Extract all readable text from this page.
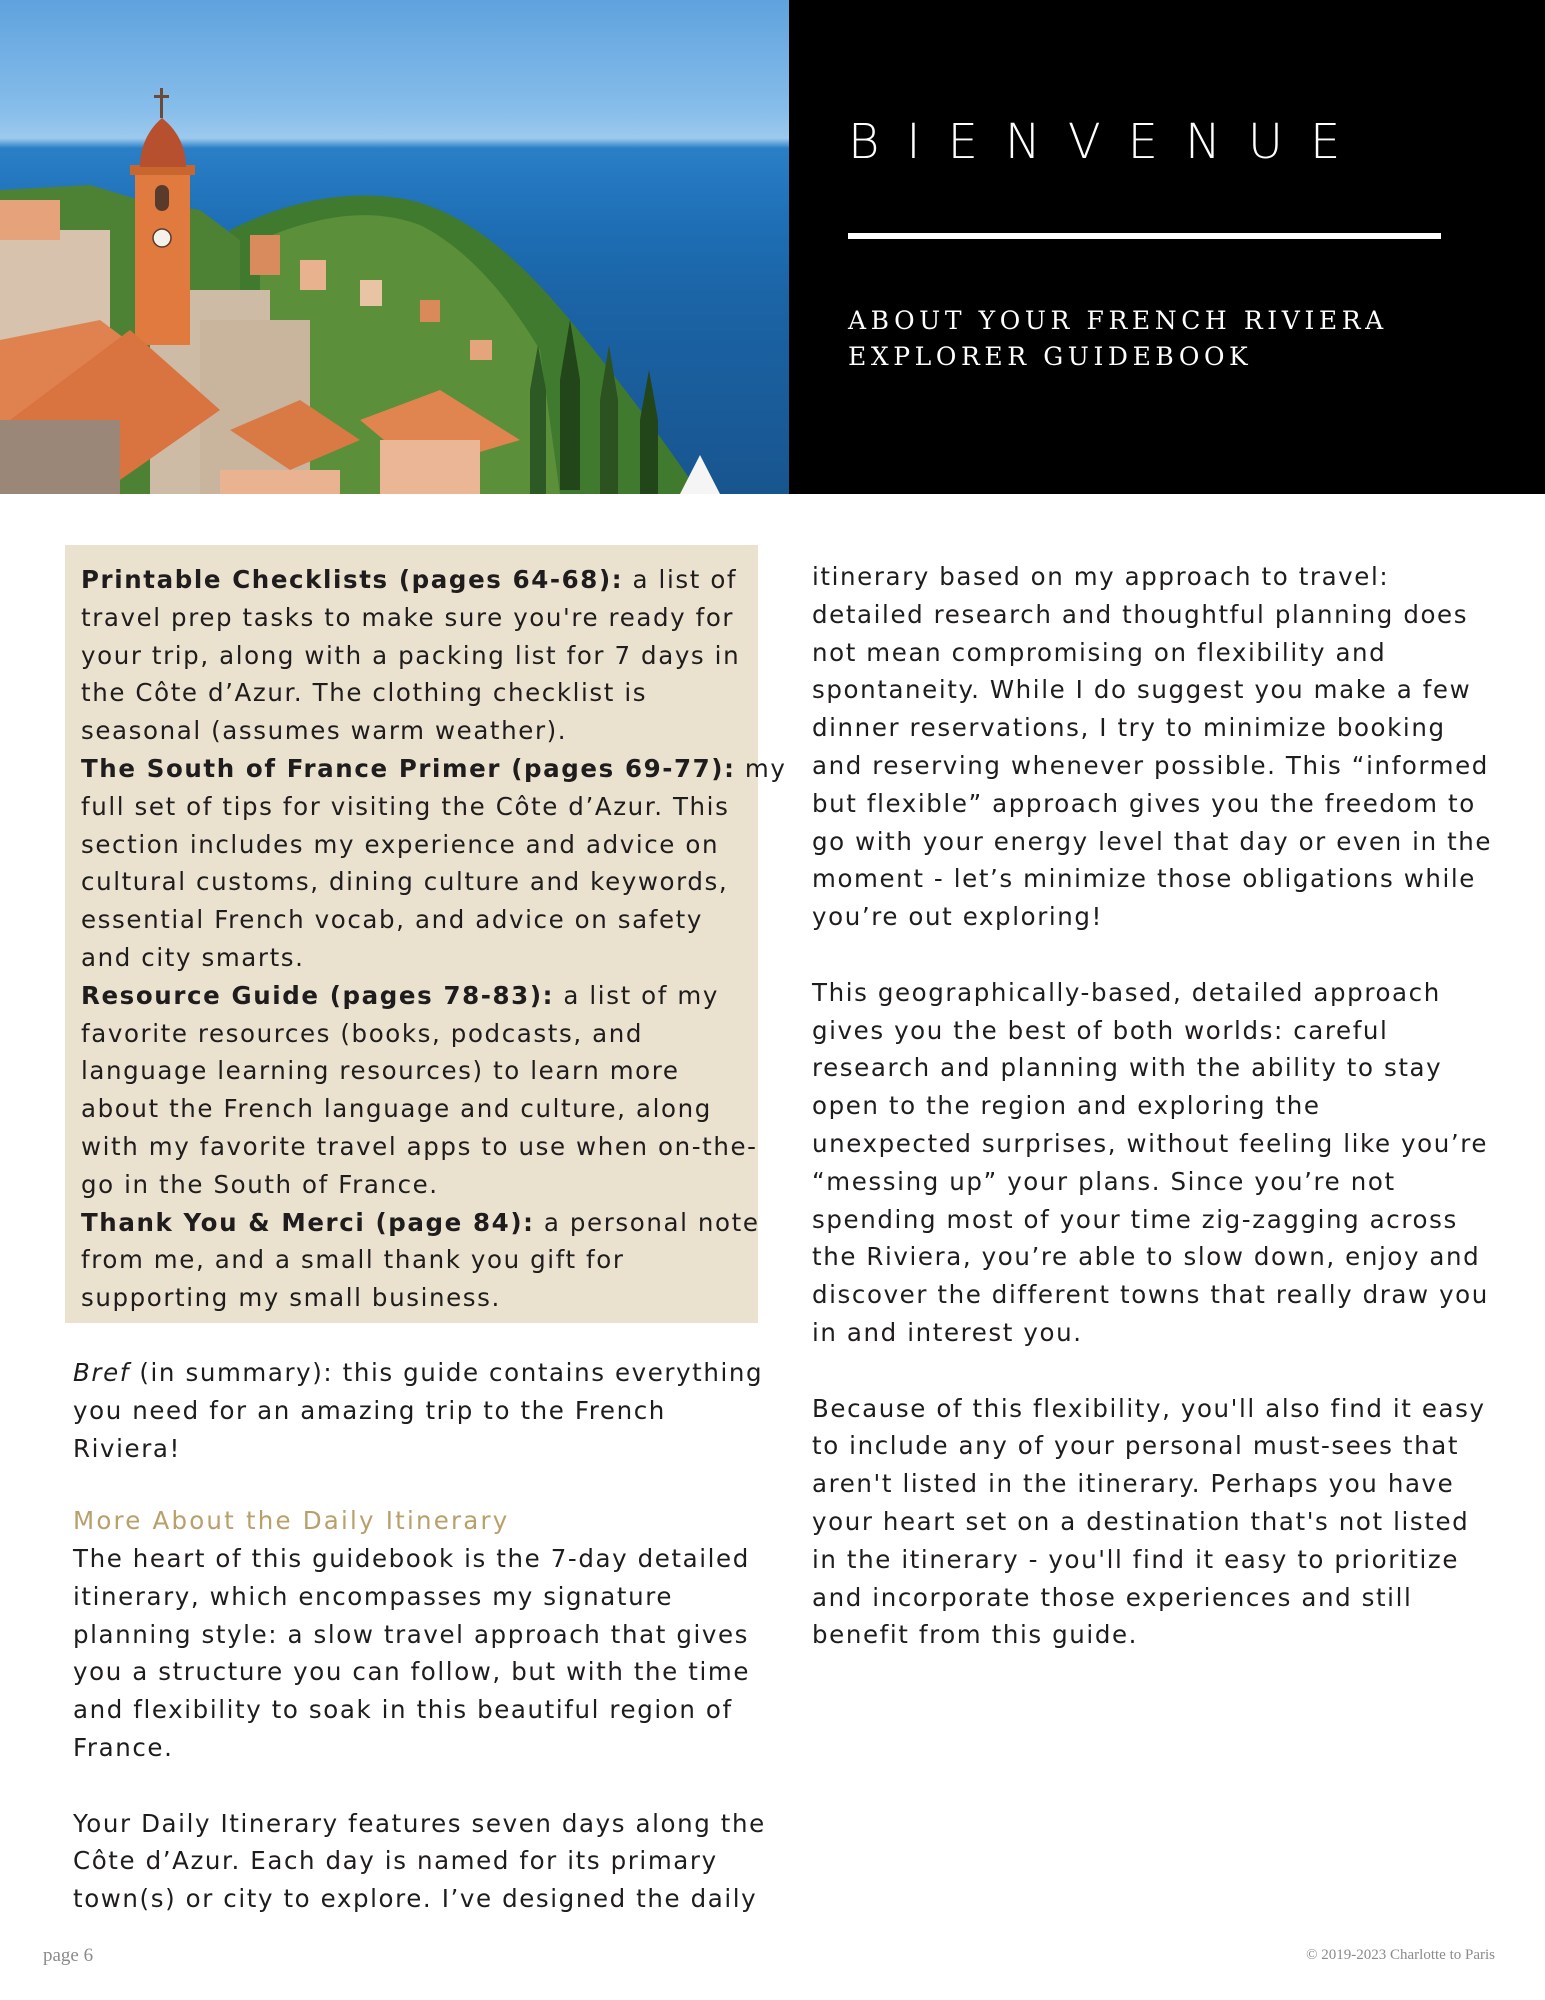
BIENVENUE
ABOUT YOUR FRENCH RIVIERA
EXPLORER GUIDEBOOK
Printable Checklists (pages 64-68): a list of
travel prep tasks to make sure you're ready for
your trip, along with a packing list for 7 days in
the Côte d’Azur. The clothing checklist is
seasonal (assumes warm weather).
The South of France Primer (pages 69-77): my
full set of tips for visiting the Côte d’Azur. This
section includes my experience and advice on
cultural customs, dining culture and keywords,
essential French vocab, and advice on safety
and city smarts.
Resource Guide (pages 78-83): a list of my
favorite resources (books, podcasts, and
language learning resources) to learn more
about the French language and culture, along
with my favorite travel apps to use when on-the-
go in the South of France.
Thank You & Merci (page 84): a personal note
from me, and a small thank you gift for
supporting my small business.
Bref (in summary): this guide contains everything
you need for an amazing trip to the French
Riviera!
More About the Daily Itinerary
The heart of this guidebook is the 7-day detailed
itinerary, which encompasses my signature
planning style: a slow travel approach that gives
you a structure you can follow, but with the time
and flexibility to soak in this beautiful region of
France.
Your Daily Itinerary features seven days along the
Côte d’Azur. Each day is named for its primary
town(s) or city to explore. I’ve designed the daily
itinerary based on my approach to travel:
detailed research and thoughtful planning does
not mean compromising on flexibility and
spontaneity. While I do suggest you make a few
dinner reservations, I try to minimize booking
and reserving whenever possible. This “informed
but flexible” approach gives you the freedom to
go with your energy level that day or even in the
moment - let’s minimize those obligations while
you’re out exploring!
This geographically-based, detailed approach
gives you the best of both worlds: careful
research and planning with the ability to stay
open to the region and exploring the
unexpected surprises, without feeling like you’re
“messing up” your plans. Since you’re not
spending most of your time zig-zagging across
the Riviera, you’re able to slow down, enjoy and
discover the different towns that really draw you
in and interest you.
Because of this flexibility, you'll also find it easy
to include any of your personal must-sees that
aren't listed in the itinerary. Perhaps you have
your heart set on a destination that's not listed
in the itinerary - you'll find it easy to prioritize
and incorporate those experiences and still
benefit from this guide.
page 6	© 2019-2023 Charlotte to Paris
